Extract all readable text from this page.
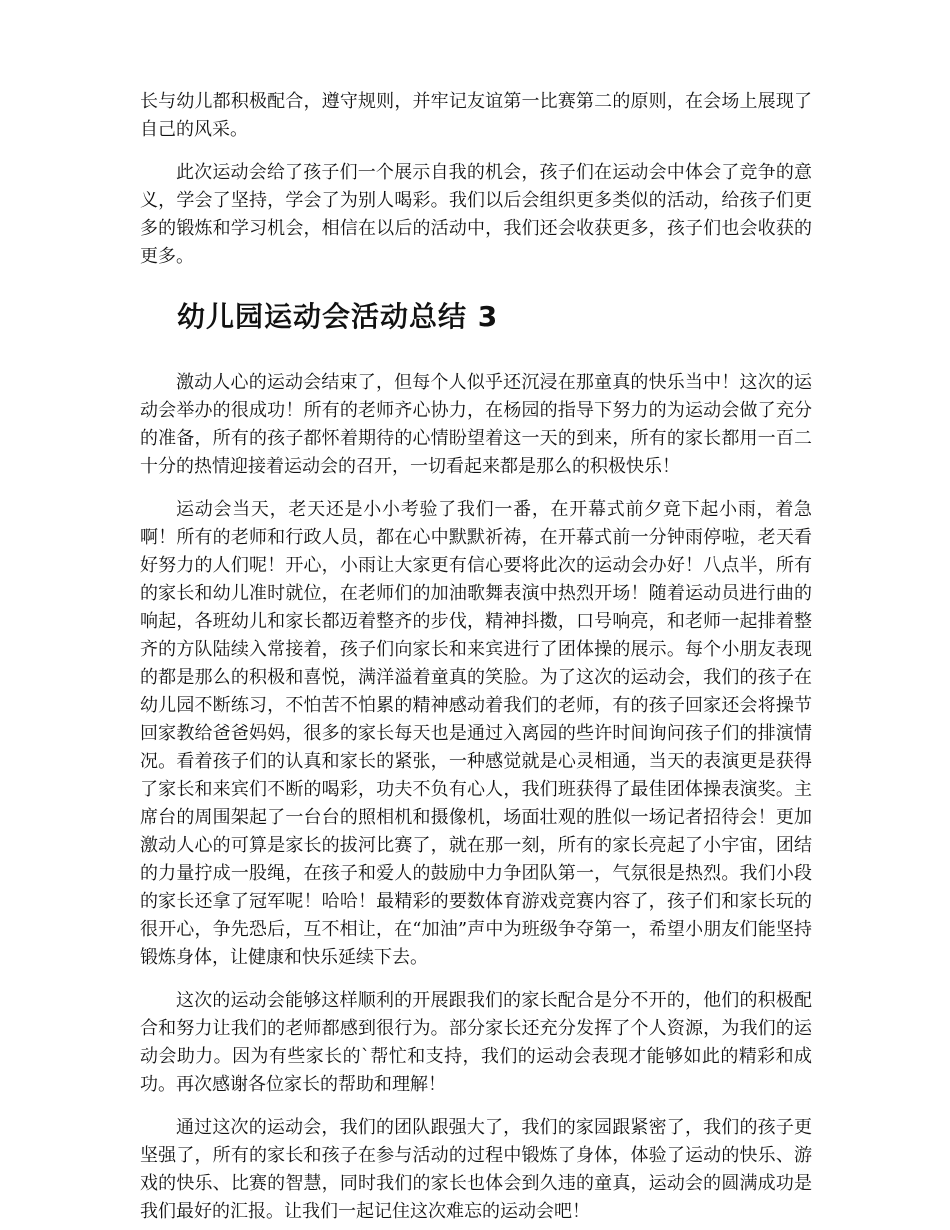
长与幼儿都积极配合，遵守规则，并牢记友谊第一比赛第二的原则，在会场上展现了自己的风采。

此次运动会给了孩子们一个展示自我的机会，孩子们在运动会中体会了竞争的意义，学会了坚持，学会了为别人喝彩。我们以后会组织更多类似的活动，给孩子们更多的锻炼和学习机会，相信在以后的活动中，我们还会收获更多，孩子们也会收获的更多。

幼儿园运动会活动总结 3

激动人心的运动会结束了，但每个人似乎还沉浸在那童真的快乐当中！这次的运动会举办的很成功！所有的老师齐心协力，在杨园的指导下努力的为运动会做了充分的准备，所有的孩子都怀着期待的心情盼望着这一天的到来，所有的家长都用一百二十分的热情迎接着运动会的召开，一切看起来都是那么的积极快乐！

运动会当天，老天还是小小考验了我们一番，在开幕式前夕竟下起小雨，着急啊！所有的老师和行政人员，都在心中默默祈祷，在开幕式前一分钟雨停啦，老天看好努力的人们呢！开心，小雨让大家更有信心要将此次的运动会办好！八点半，所有的家长和幼儿准时就位，在老师们的加油歌舞表演中热烈开场！随着运动员进行曲的响起，各班幼儿和家长都迈着整齐的步伐，精神抖擞，口号响亮，和老师一起排着整齐的方队陆续入常接着，孩子们向家长和来宾进行了团体操的展示。每个小朋友表现的都是那么的积极和喜悦，满洋溢着童真的笑脸。为了这次的运动会，我们的孩子在幼儿园不断练习，不怕苦不怕累的精神感动着我们的老师，有的孩子回家还会将操节回家教给爸爸妈妈，很多的家长每天也是通过入离园的些许时间询问孩子们的排演情况。看着孩子们的认真和家长的紧张，一种感觉就是心灵相通，当天的表演更是获得了家长和来宾们不断的喝彩，功夫不负有心人，我们班获得了最佳团体操表演奖。主席台的周围架起了一台台的照相机和摄像机，场面壮观的胜似一场记者招待会！更加激动人心的可算是家长的拔河比赛了，就在那一刻，所有的家长亮起了小宇宙，团结的力量拧成一股绳，在孩子和爱人的鼓励中力争团队第一，气氛很是热烈。我们小段的家长还拿了冠军呢！哈哈！最精彩的要数体育游戏竞赛内容了，孩子们和家长玩的很开心，争先恐后，互不相让，在“加油”声中为班级争夺第一，希望小朋友们能坚持锻炼身体，让健康和快乐延续下去。

这次的运动会能够这样顺利的开展跟我们的家长配合是分不开的，他们的积极配合和努力让我们的老师都感到很行为。部分家长还充分发挥了个人资源，为我们的运动会助力。因为有些家长的`帮忙和支持，我们的运动会表现才能够如此的精彩和成功。再次感谢各位家长的帮助和理解！

通过这次的运动会，我们的团队跟强大了，我们的家园跟紧密了，我们的孩子更坚强了，所有的家长和孩子在参与活动的过程中锻炼了身体，体验了运动的快乐、游戏的快乐、比赛的智慧，同时我们的家长也体会到久违的童真，运动会的圆满成功是我们最好的汇报。让我们一起记住这次难忘的运动会吧！
